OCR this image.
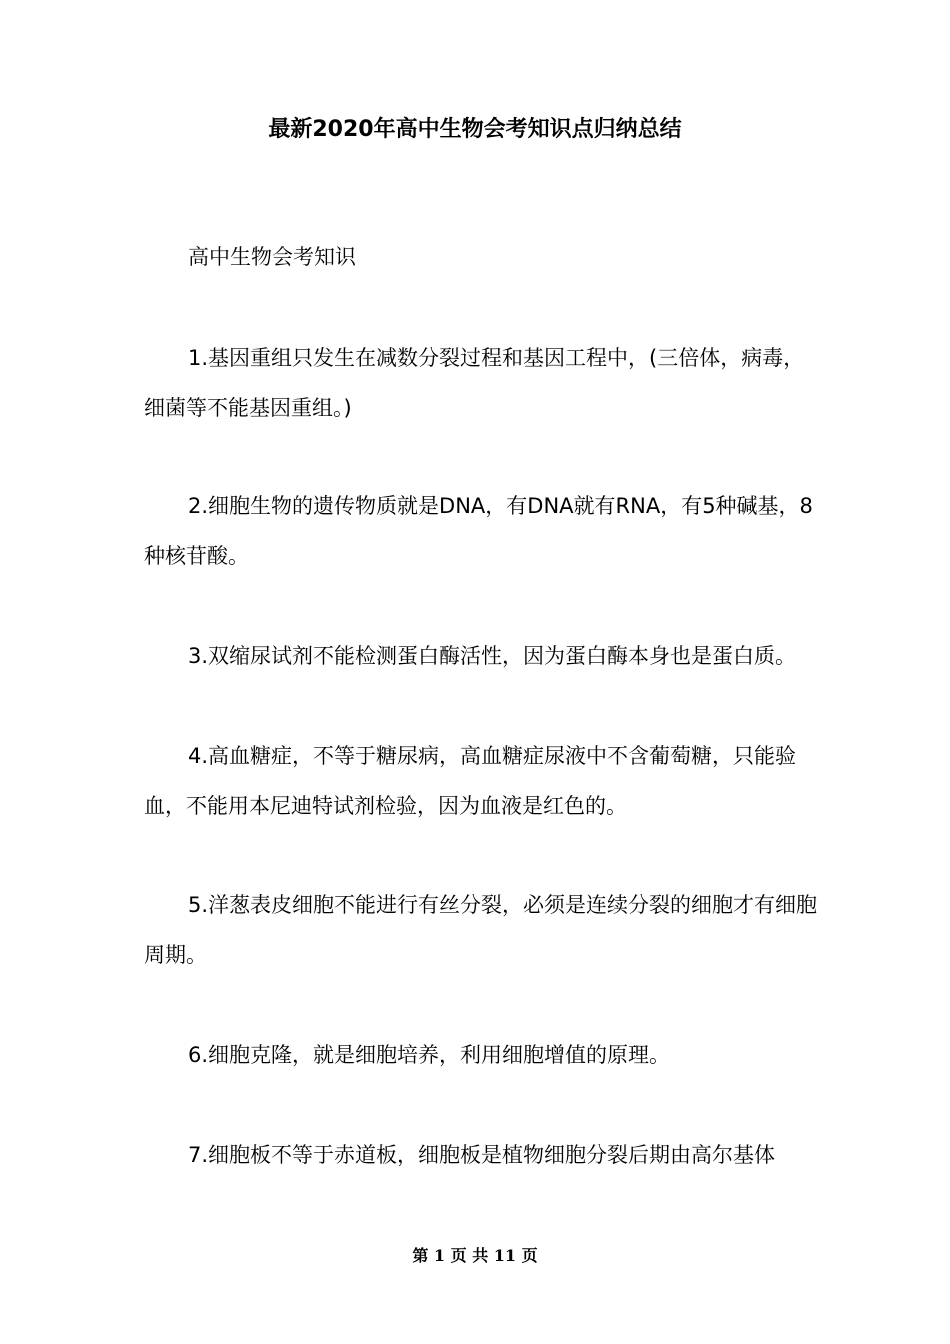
最新2020年高中生物会考知识点归纳总结
高中生物会考知识
1.基因重组只发生在减数分裂过程和基因工程中，(三倍体，病毒，细菌等不能基因重组。)
2.细胞生物的遗传物质就是DNA，有DNA就有RNA，有5种碱基，8种核苷酸。
3.双缩尿试剂不能检测蛋白酶活性，因为蛋白酶本身也是蛋白质。
4.高血糖症，不等于糖尿病，高血糖症尿液中不含葡萄糖，只能验血，不能用本尼迪特试剂检验，因为血液是红色的。
5.洋葱表皮细胞不能进行有丝分裂，必须是连续分裂的细胞才有细胞周期。
6.细胞克隆，就是细胞培养，利用细胞增值的原理。
7.细胞板不等于赤道板，细胞板是植物细胞分裂后期由高尔基体
第 1 页 共 11 页
